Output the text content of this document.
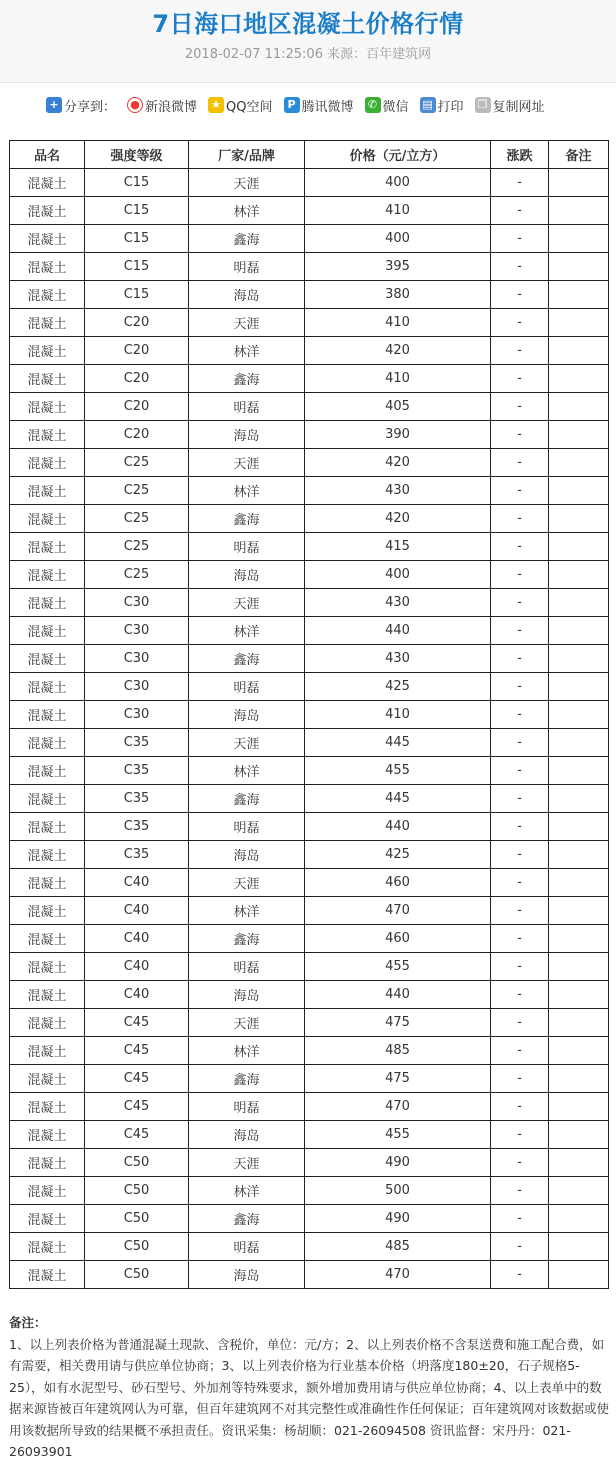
7日海口地区混凝土价格行情
2018-02-07 11:25:06 来源：百年建筑网
+ 分享到： ● 新浪微博 ★ QQ空间	P 腾讯微博	✆ 微信 ▤ 打印 ❐ 复制网址
品名	强度等级	厂家/品牌	价格（元/立方）	涨跌	备注
混凝土	C15	天涯	400	-	
混凝土	C15	林洋	410	-	
混凝土	C15	鑫海	400	-	
混凝土	C15	明磊	395	-	
混凝土	C15	海岛	380	-	
混凝土	C20	天涯	410	-	
混凝土	C20	林洋	420	-	
混凝土	C20	鑫海	410	-	
混凝土	C20	明磊	405	-	
混凝土	C20	海岛	390	-	
混凝土	C25	天涯	420	-	
混凝土	C25	林洋	430	-	
混凝土	C25	鑫海	420	-	
混凝土	C25	明磊	415	-	
混凝土	C25	海岛	400	-	
混凝土	C30	天涯	430	-	
混凝土	C30	林洋	440	-	
混凝土	C30	鑫海	430	-	
混凝土	C30	明磊	425	-	
混凝土	C30	海岛	410	-	
混凝土	C35	天涯	445	-	
混凝土	C35	林洋	455	-	
混凝土	C35	鑫海	445	-	
混凝土	C35	明磊	440	-	
混凝土	C35	海岛	425	-	
混凝土	C40	天涯	460	-	
混凝土	C40	林洋	470	-	
混凝土	C40	鑫海	460	-	
混凝土	C40	明磊	455	-	
混凝土	C40	海岛	440	-	
混凝土	C45	天涯	475	-	
混凝土	C45	林洋	485	-	
混凝土	C45	鑫海	475	-	
混凝土	C45	明磊	470	-	
混凝土	C45	海岛	455	-	
混凝土	C50	天涯	490	-	
混凝土	C50	林洋	500	-	
混凝土	C50	鑫海	490	-	
混凝土	C50	明磊	485	-	
混凝土	C50	海岛	470	-	
备注：
1、以上列表价格为普通混凝土现款、含税价，单位：元/方；2、以上列表价格不含泵送费和施工配合费，如有需要，相关费用请与供应单位协商；3、以上列表价格为行业基本价格（坍落度180±20，石子规格5-25），如有水泥型号、砂石型号、外加剂等特殊要求，额外增加费用请与供应单位协商；4、以上表单中的数据来源皆被百年建筑网认为可靠，但百年建筑网不对其完整性或准确性作任何保证；百年建筑网对该数据或使用该数据所导致的结果概不承担责任。资讯采集：杨胡顺：021-26094508 资讯监督：宋丹丹：021-26093901
